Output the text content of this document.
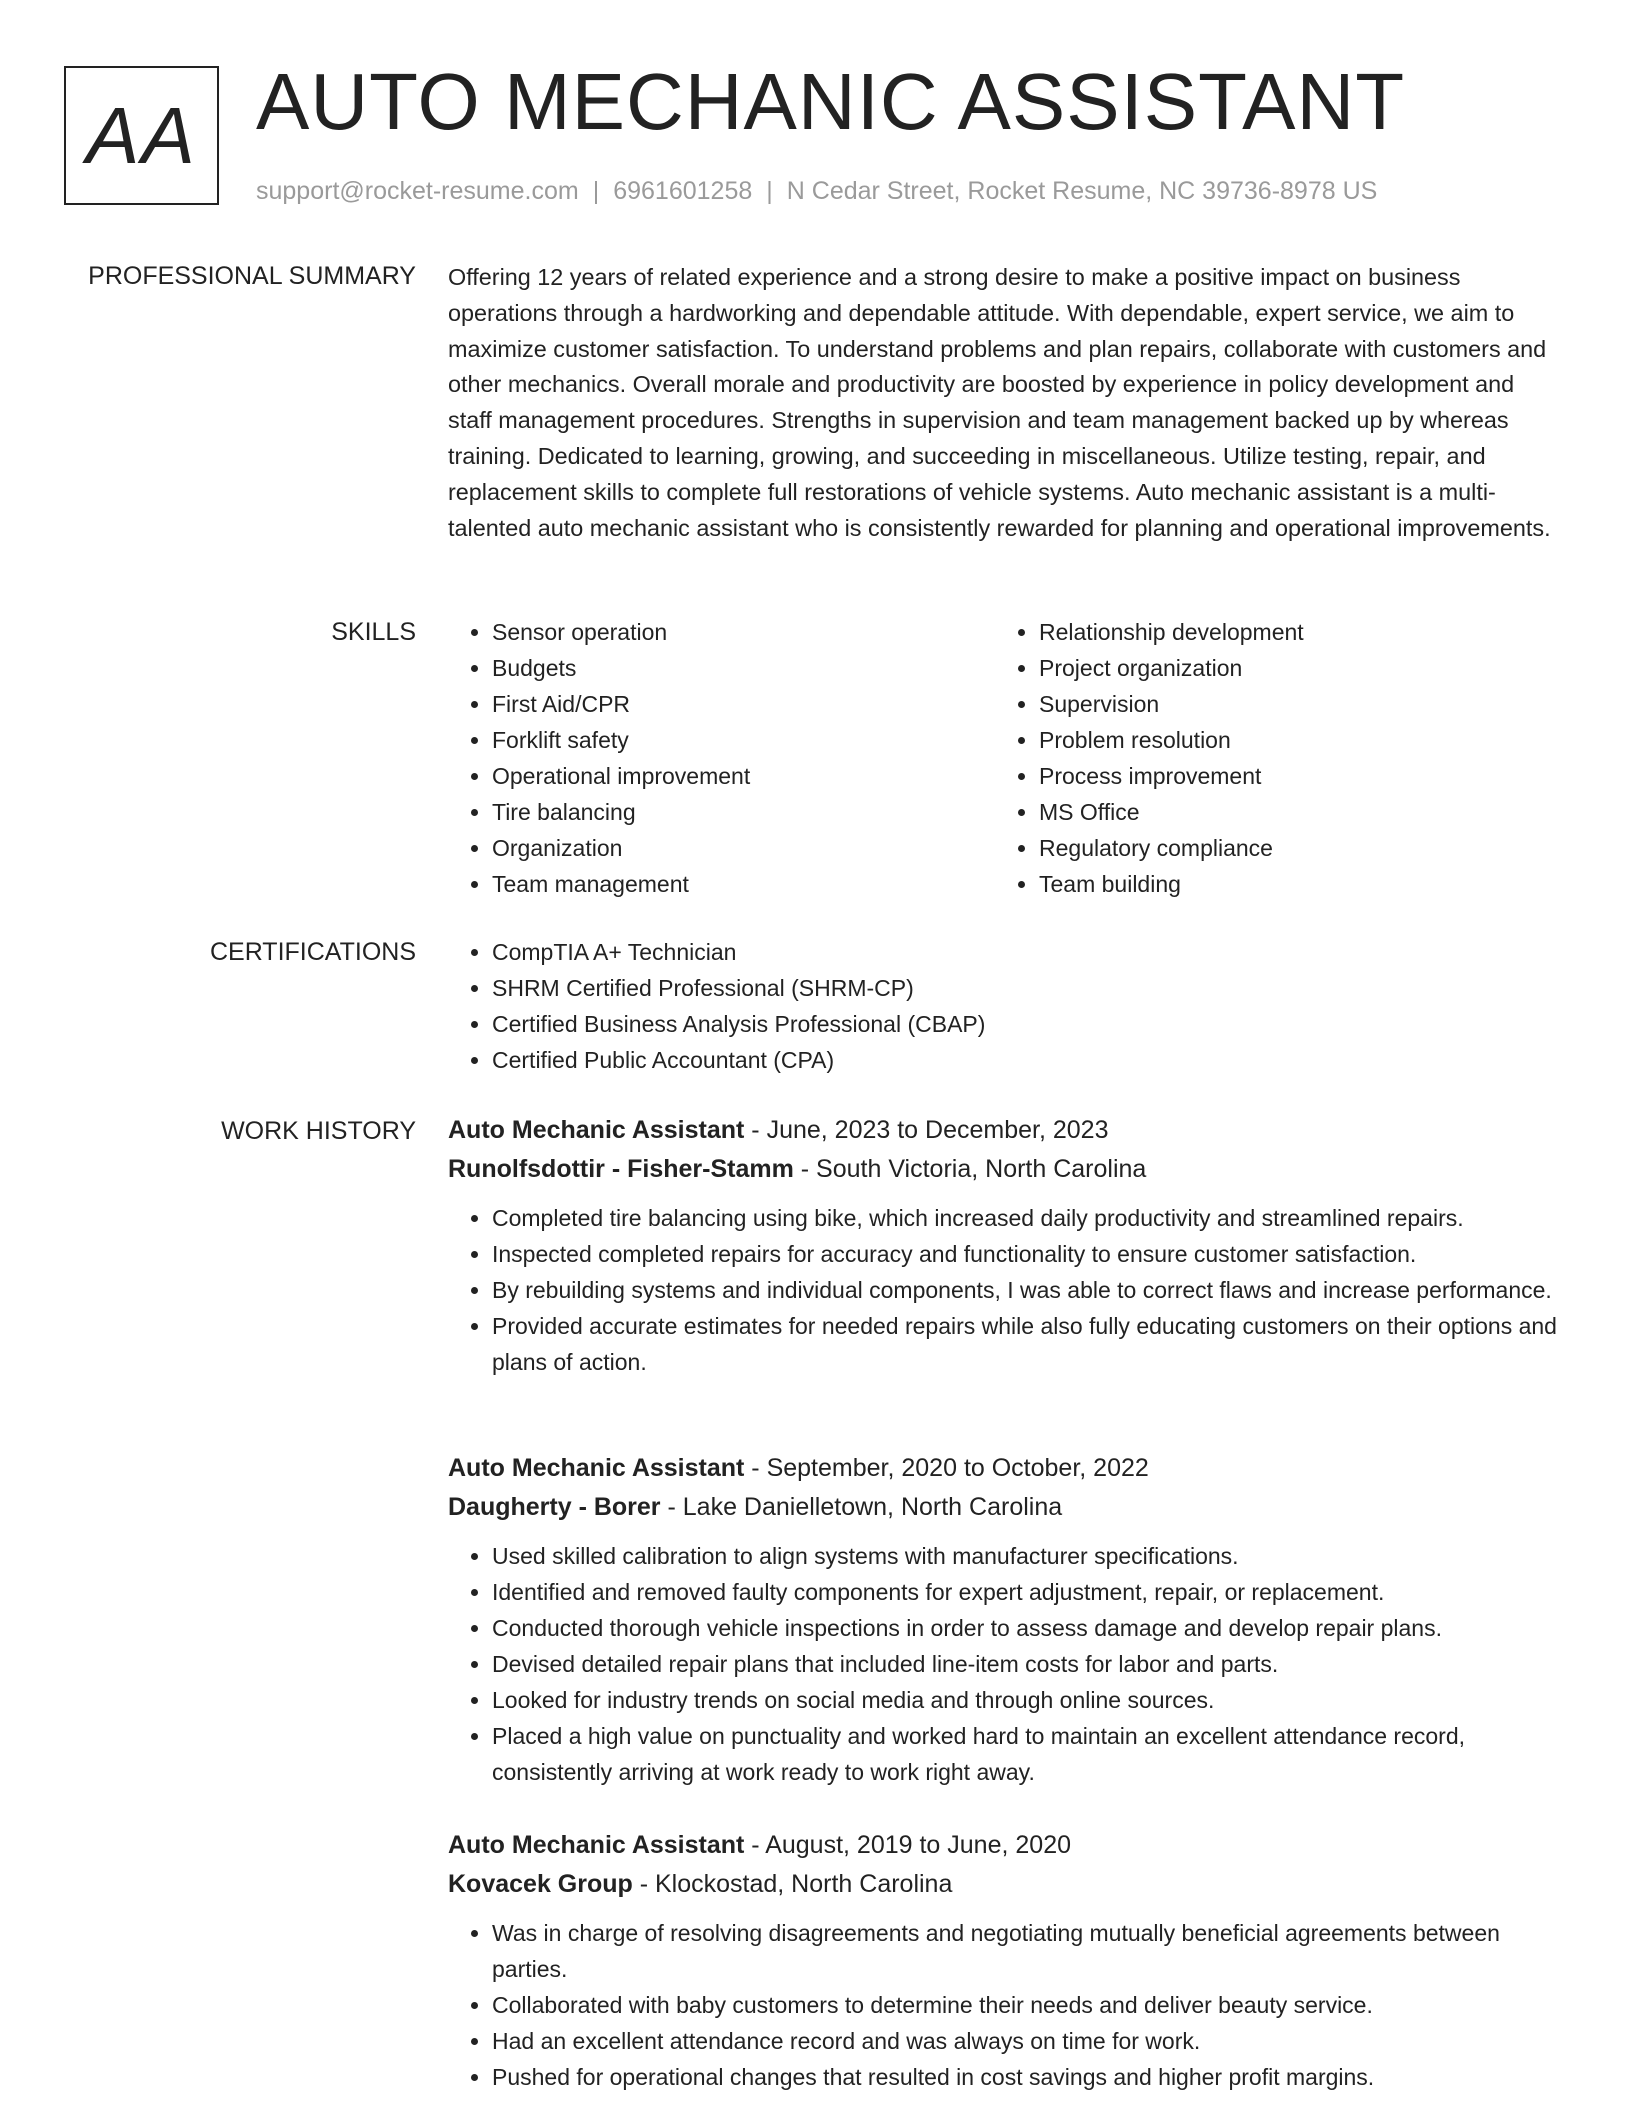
AA AUTO MECHANIC ASSISTANT
support@rocket-resume.com | 6961601258 | N Cedar Street, Rocket Resume, NC 39736-8978 US
PROFESSIONAL SUMMARY Offering 12 years of related experience and a strong desire to make a positive impact on business operations through a hardworking and dependable attitude. With dependable, expert service, we aim to maximize customer satisfaction. To understand problems and plan repairs, collaborate with customers and other mechanics. Overall morale and productivity are boosted by experience in policy development and staff management procedures. Strengths in supervision and team management backed up by whereas training. Dedicated to learning, growing, and succeeding in miscellaneous. Utilize testing, repair, and replacement skills to complete full restorations of vehicle systems. Auto mechanic assistant is a multi-talented auto mechanic assistant who is consistently rewarded for planning and operational improvements.
SKILLS	• Sensor operation
• Budgets
• First Aid/CPR
• Forklift safety
• Operational improvement
• Tire balancing
• Organization
• Team management
• Relationship development
• Project organization
• Supervision
• Problem resolution
• Process improvement
• MS Office
• Regulatory compliance
• Team building
CERTIFICATIONS	• CompTIA A+ Technician
• SHRM Certified Professional (SHRM-CP)
• Certified Business Analysis Professional (CBAP)
• Certified Public Accountant (CPA)
WORK HISTORY Auto Mechanic Assistant - June, 2023 to December, 2023
Runolfsdottir - Fisher-Stamm - South Victoria, North Carolina
• Completed tire balancing using bike, which increased daily productivity and streamlined repairs.
• Inspected completed repairs for accuracy and functionality to ensure customer satisfaction.
• By rebuilding systems and individual components, I was able to correct flaws and increase performance.
• Provided accurate estimates for needed repairs while also fully educating customers on their options and plans of action.
Auto Mechanic Assistant - September, 2020 to October, 2022
Daugherty - Borer - Lake Danielletown, North Carolina
• Used skilled calibration to align systems with manufacturer specifications.
• Identified and removed faulty components for expert adjustment, repair, or replacement.
• Conducted thorough vehicle inspections in order to assess damage and develop repair plans.
• Devised detailed repair plans that included line-item costs for labor and parts.
• Looked for industry trends on social media and through online sources.
• Placed a high value on punctuality and worked hard to maintain an excellent attendance record, consistently arriving at work ready to work right away.
Auto Mechanic Assistant - August, 2019 to June, 2020
Kovacek Group - Klockostad, North Carolina
• Was in charge of resolving disagreements and negotiating mutually beneficial agreements between parties.
• Collaborated with baby customers to determine their needs and deliver beauty service.
• Had an excellent attendance record and was always on time for work.
• Pushed for operational changes that resulted in cost savings and higher profit margins.
